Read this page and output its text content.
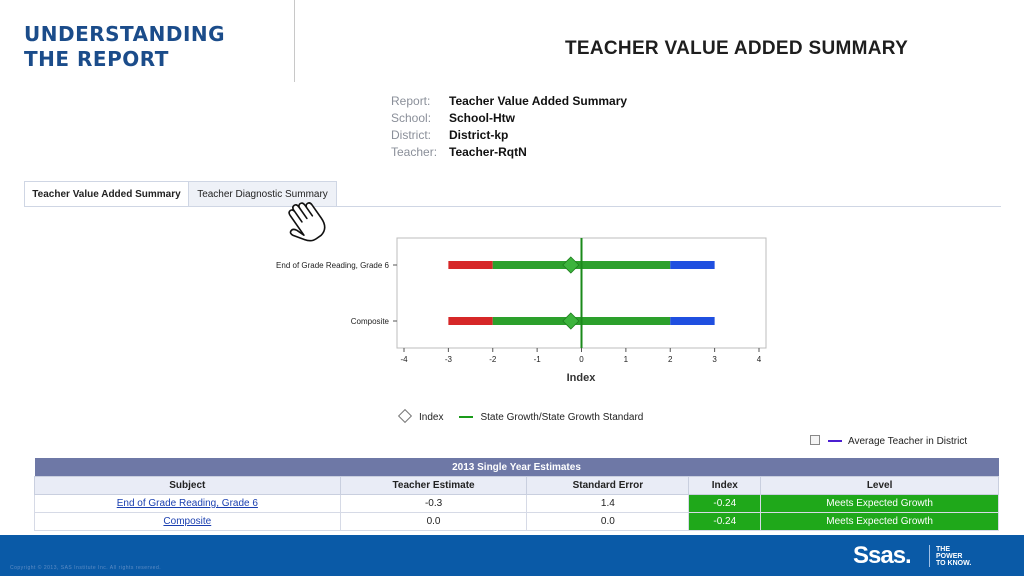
UNDERSTANDING
THE REPORT	TEACHER VALUE ADDED SUMMARY
Report: Teacher Value Added Summary
School: School-Htw
District: District-kp
Teacher: Teacher-RqtN
Teacher Value Added Summary	Teacher Diagnostic Summary
End of Grade Reading, Grade 6
Composite
-4	-3	-2	-1	0	1	2	3	4
Index
Index	State Growth/State Growth Standard
Average Teacher in District
2013 Single Year Estimates				
Subject	Teacher Estimate	Standard Error	Index	Level
End of Grade Reading, Grade 6	-0.3	1.4	-0.24	Meets Expected Growth
Composite	0.0	0.0	-0.24	Meets Expected Growth
Copyright © 2013, SAS Institute Inc. All rights reserved.	Ssas.	THE
POWER
TO KNOW.
